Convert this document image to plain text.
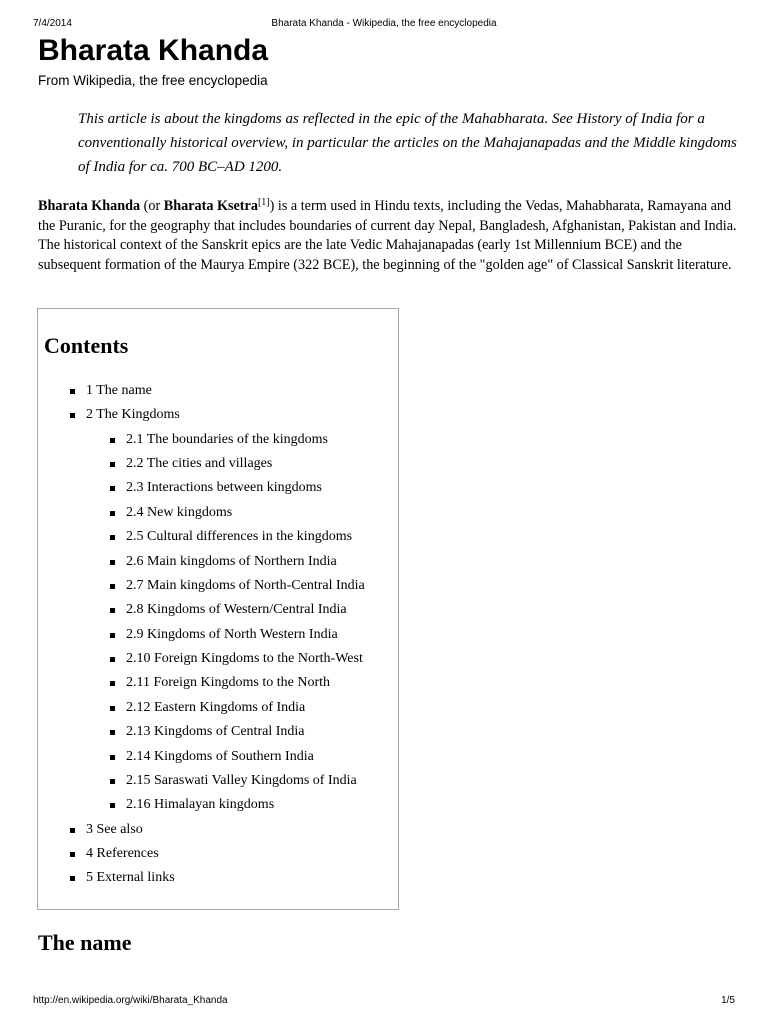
7/4/2014	Bharata Khanda - Wikipedia, the free encyclopedia
Bharata Khanda
From Wikipedia, the free encyclopedia

This article is about the kingdoms as reflected in the epic of the Mahabharata. See History of India for a conventionally historical overview, in particular the articles on the Mahajanapadas and the Middle kingdoms of India for ca. 700 BC–AD 1200.

Bharata Khanda (or Bharata Ksetra[1]) is a term used in Hindu texts, including the Vedas, Mahabharata, Ramayana and the Puranic, for the geography that includes boundaries of current day Nepal, Bangladesh, Afghanistan, Pakistan and India. The historical context of the Sanskrit epics are the late Vedic Mahajanapadas (early 1st Millennium BCE) and the subsequent formation of the Maurya Empire (322 BCE), the beginning of the "golden age" of Classical Sanskrit literature.

Contents
1 The name
2 The Kingdoms
2.1 The boundaries of the kingdoms
2.2 The cities and villages
2.3 Interactions between kingdoms
2.4 New kingdoms
2.5 Cultural differences in the kingdoms
2.6 Main kingdoms of Northern India
2.7 Main kingdoms of North-Central India
2.8 Kingdoms of Western/Central India
2.9 Kingdoms of North Western India
2.10 Foreign Kingdoms to the North-West
2.11 Foreign Kingdoms to the North
2.12 Eastern Kingdoms of India
2.13 Kingdoms of Central India
2.14 Kingdoms of Southern India
2.15 Saraswati Valley Kingdoms of India
2.16 Himalayan kingdoms
3 See also
4 References
5 External links
The name
http://en.wikipedia.org/wiki/Bharata_Khanda	1/5
